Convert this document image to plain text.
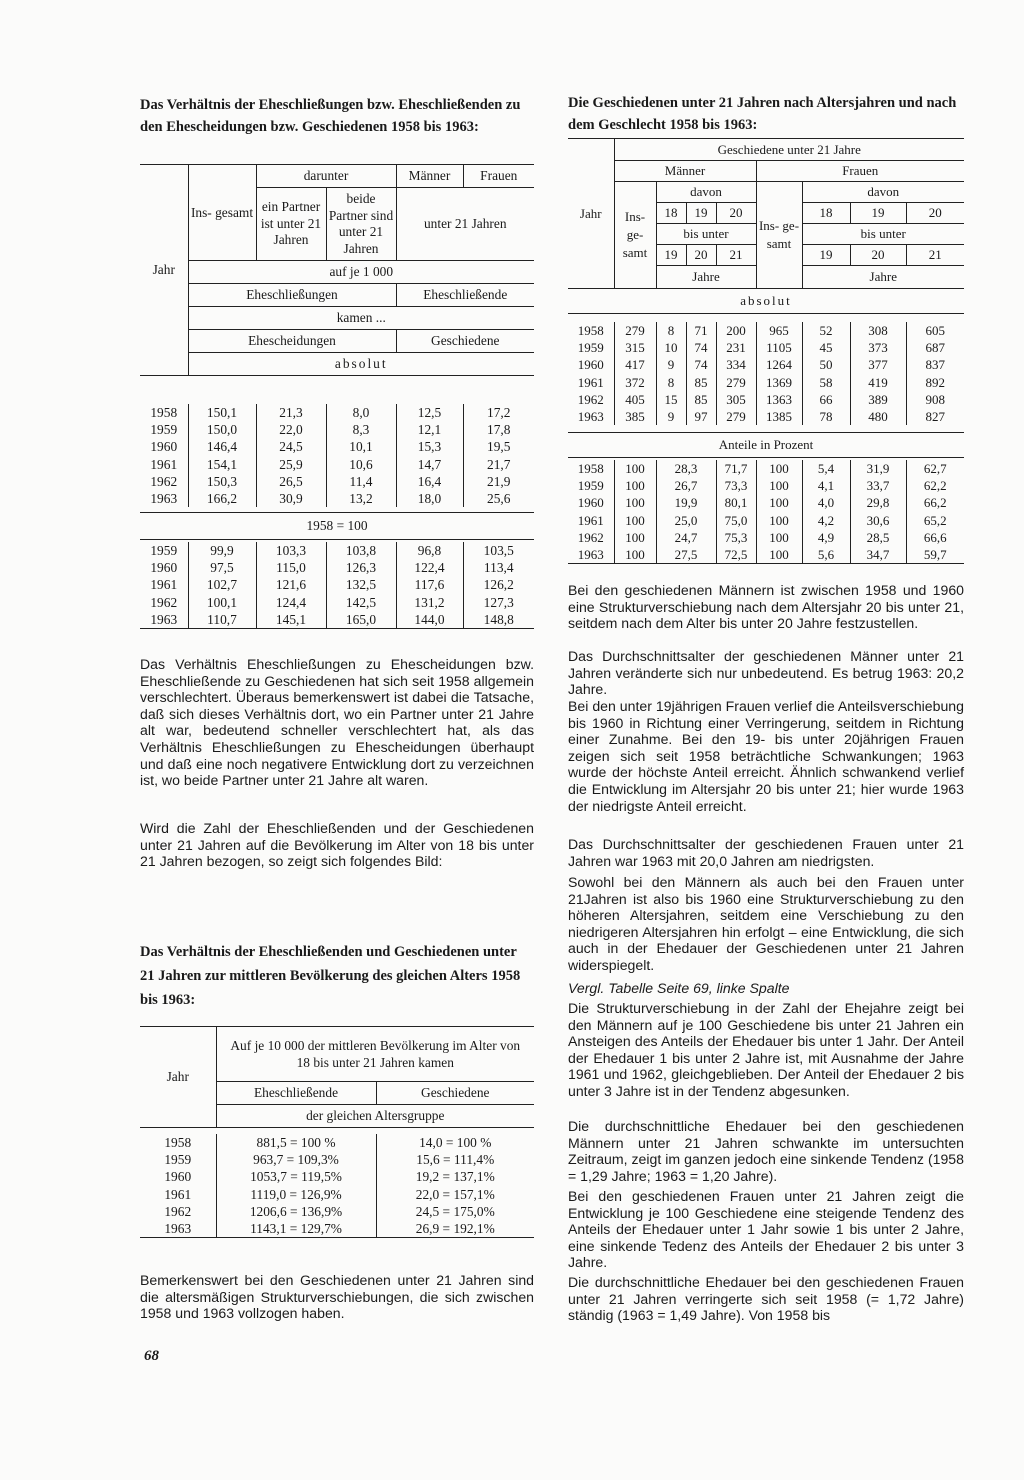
Das Verhältnis der Eheschließungen bzw. Eheschließenden zu den Ehescheidungen bzw. Geschiedenen 1958 bis 1963:
Jahr	Ins- gesamt	darunter		Männer	Frauen
		ein Partner ist unter 21 Jahren	beide Partner sind unter 21 Jahren	unter 21 Jahren	

	auf je 1 000				
	Eheschließungen			Eheschließende	
	kamen ...				
	Ehescheidungen			Geschiedene	
	absolut				
1958	150,1	21,3	8,0	12,5	17,2
1959	150,0	22,0	8,3	12,1	17,8
1960	146,4	24,5	10,1	15,3	19,5
1961	154,1	25,9	10,6	14,7	21,7
1962	150,3	26,5	11,4	16,4	21,9
1963	166,2	30,9	13,2	18,0	25,6
1958 = 100
1959	99,9	103,3	103,8	96,8	103,5
1960	97,5	115,0	126,3	122,4	113,4
1961	102,7	121,6	132,5	117,6	126,2
1962	100,1	124,4	142,5	131,2	127,3
1963	110,7	145,1	165,0	144,0	148,8
Das Verhältnis Eheschließungen zu Ehescheidungen bzw. Eheschließende zu Geschiedenen hat sich seit 1958 allgemein verschlechtert. Überaus bemerkenswert ist dabei die Tatsache, daß sich dieses Verhältnis dort, wo ein Partner unter 21 Jahre alt war, bedeutend schneller verschlechtert hat, als das Verhältnis Eheschließungen zu Ehescheidungen überhaupt und daß eine noch negativere Entwicklung dort zu verzeichnen ist, wo beide Partner unter 21 Jahre alt waren.
Wird die Zahl der Eheschließenden und der Geschiedenen unter 21 Jahren auf die Bevölkerung im Alter von 18 bis unter 21 Jahren bezogen, so zeigt sich folgendes Bild:
Das Verhältnis der Eheschließenden und Geschiedenen unter 21 Jahren zur mittleren Bevölkerung des gleichen Alters 1958 bis 1963:
Jahr	Auf je 10 000 der mittleren Bevölkerung im Alter von 18 bis unter 21 Jahren kamen	
	Eheschließende	Geschiedene
	der gleichen Altersgruppe	
1958	881,5 = 100 %	14,0 = 100 %
1959	963,7 = 109,3%	15,6 = 111,4%
1960	1053,7 = 119,5%	19,2 = 137,1%
1961	1119,0 = 126,9%	22,0 = 157,1%
1962	1206,6 = 136,9%	24,5 = 175,0%
1963	1143,1 = 129,7%	26,9 = 192,1%
Bemerkenswert bei den Geschiedenen unter 21 Jahren sind die altersmäßigen Strukturverschiebungen, die sich zwischen 1958 und 1963 vollzogen haben.
68
Die Geschiedenen unter 21 Jahren nach Altersjahren und nach dem Geschlecht 1958 bis 1963:
Jahr	Geschiedene unter 21 Jahre							
	Männer				Frauen			
	Ins- ge- samt	davon			Ins- ge- samt	davon		
		18	19	20		18	19	20
		bis unter				bis unter		
		19	20	21		19	20	21
		Jahre				Jahre		
absolut								
1958	279	8	71	200	965	52	308	605
1959	315	10	74	231	1105	45	373	687
1960	417	9	74	334	1264	50	377	837
1961	372	8	85	279	1369	58	419	892
1962	405	15	85	305	1363	66	389	908
1963	385	9	97	279	1385	78	480	827
Anteile in Prozent
1958	100	28,3	71,7	100	5,4	31,9	62,7
1959	100	26,7	73,3	100	4,1	33,7	62,2
1960	100	19,9	80,1	100	4,0	29,8	66,2
1961	100	25,0	75,0	100	4,2	30,6	65,2
1962	100	24,7	75,3	100	4,9	28,5	66,6
1963	100	27,5	72,5	100	5,6	34,7	59,7
Bei den geschiedenen Männern ist zwischen 1958 und 1960 eine Strukturverschiebung nach dem Altersjahr 20 bis unter 21, seitdem nach dem Alter bis unter 20 Jahre festzustellen.
Das Durchschnittsalter der geschiedenen Männer unter 21 Jahren veränderte sich nur unbedeutend. Es betrug 1963: 20,2 Jahre.
Bei den unter 19jährigen Frauen verlief die Anteilsverschiebung bis 1960 in Richtung einer Verringerung, seitdem in Richtung einer Zunahme. Bei den 19- bis unter 20jährigen Frauen zeigen sich seit 1958 beträchtliche Schwankungen; 1963 wurde der höchste Anteil erreicht. Ähnlich schwankend verlief die Entwicklung im Altersjahr 20 bis unter 21; hier wurde 1963 der niedrigste Anteil erreicht.
Das Durchschnittsalter der geschiedenen Frauen unter 21 Jahren war 1963 mit 20,0 Jahren am niedrigsten.
Sowohl bei den Männern als auch bei den Frauen unter 21Jahren ist also bis 1960 eine Strukturverschiebung zu den höheren Altersjahren, seitdem eine Verschiebung zu den niedrigeren Altersjahren hin erfolgt – eine Entwicklung, die sich auch in der Ehedauer der Geschiedenen unter 21 Jahren widerspiegelt.
Vergl. Tabelle Seite 69, linke Spalte
Die Strukturverschiebung in der Zahl der Ehejahre zeigt bei den Männern auf je 100 Geschiedene bis unter 21 Jahren ein Ansteigen des Anteils der Ehedauer bis unter 1 Jahr. Der Anteil der Ehedauer 1 bis unter 2 Jahre ist, mit Ausnahme der Jahre 1961 und 1962, gleichgeblieben. Der Anteil der Ehedauer 2 bis unter 3 Jahre ist in der Tendenz abgesunken.
Die durchschnittliche Ehedauer bei den geschiedenen Männern unter 21 Jahren schwankte im untersuchten Zeitraum, zeigt im ganzen jedoch eine sinkende Tendenz (1958 = 1,29 Jahre; 1963 = 1,20 Jahre).
Bei den geschiedenen Frauen unter 21 Jahren zeigt die Entwicklung je 100 Geschiedene eine steigende Tendenz des Anteils der Ehedauer unter 1 Jahr sowie 1 bis unter 2 Jahre, eine sinkende Tedenz des Anteils der Ehedauer 2 bis unter 3 Jahre.
Die durchschnittliche Ehedauer bei den geschiedenen Frauen unter 21 Jahren verringerte sich seit 1958 (= 1,72 Jahre) ständig (1963 = 1,49 Jahre). Von 1958 bis
